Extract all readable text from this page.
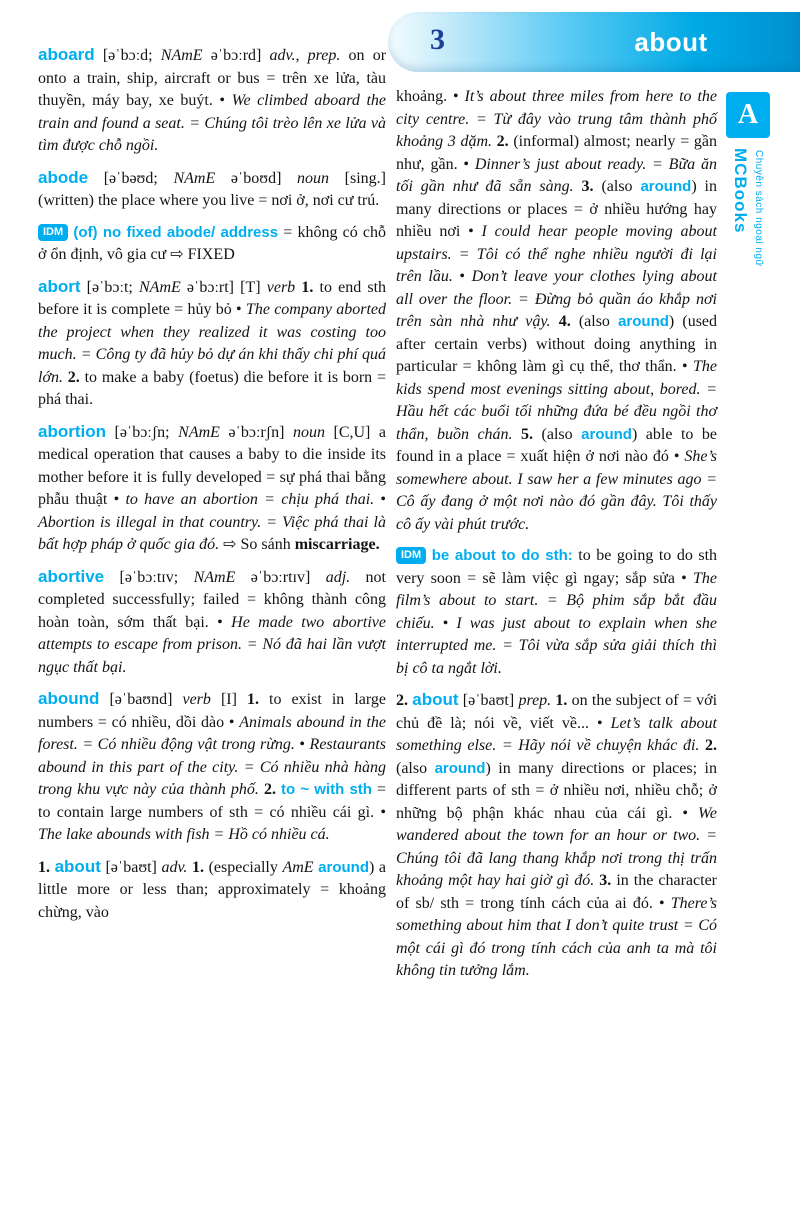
3	about
A
MCBooks Chuyên sách ngoại ngữ

aboard [əˈbɔːd; NAmE əˈbɔːrd] adv., prep. on or onto a train, ship, aircraft or bus = trên xe lửa, tàu thuyền, máy bay, xe buýt. • We climbed aboard the train and found a seat. = Chúng tôi trèo lên xe lửa và tìm được chỗ ngồi.

abode [əˈbəʊd; NAmE əˈboʊd] noun [sing.] (written) the place where you live = nơi ở, nơi cư trú.

IDM (of) no fixed abode/ address = không có chỗ ở ổn định, vô gia cư ⇨ FIXED

abort [əˈbɔːt; NAmE əˈbɔːrt] [T] verb 1. to end sth before it is complete = hủy bỏ • The company aborted the project when they realized it was costing too much. = Công ty đã hủy bỏ dự án khi thấy chi phí quá lớn. 2. to make a baby (foetus) die before it is born = phá thai.

abortion [əˈbɔːʃn; NAmE əˈbɔːrʃn] noun [C,U] a medical operation that causes a baby to die inside its mother before it is fully developed = sự phá thai bằng phẫu thuật • to have an abortion = chịu phá thai. • Abortion is illegal in that country. = Việc phá thai là bất hợp pháp ở quốc gia đó. ⇨ So sánh miscarriage.

abortive [əˈbɔːtɪv; NAmE əˈbɔːrtɪv] adj. not completed successfully; failed = không thành công hoàn toàn, sớm thất bại. • He made two abortive attempts to escape from prison. = Nó đã hai lần vượt ngục thất bại.

abound [əˈbaʊnd] verb [I] 1. to exist in large numbers = có nhiều, dồi dào • Animals abound in the forest. = Có nhiều động vật trong rừng. • Restaurants abound in this part of the city. = Có nhiều nhà hàng trong khu vực này của thành phố. 2. to ~ with sth = to contain large numbers of sth = có nhiều cái gì. • The lake abounds with fish = Hồ có nhiều cá.

1. about [əˈbaʊt] adv. 1. (especially AmE around) a little more or less than; approximately = khoảng chừng, vào

khoảng. • It’s about three miles from here to the city centre. = Từ đây vào trung tâm thành phố khoảng 3 dặm. 2. (informal) almost; nearly = gần như, gần. • Dinner’s just about ready. = Bữa ăn tối gần như đã sẵn sàng. 3. (also around) in many directions or places = ở nhiều hướng hay nhiều nơi • I could hear people moving about upstairs. = Tôi có thể nghe nhiều người đi lại trên lầu. • Don’t leave your clothes lying about all over the floor. = Đừng bỏ quần áo khắp nơi trên sàn nhà như vậy. 4. (also around) (used after certain verbs) without doing anything in particular = không làm gì cụ thể, thơ thẩn. • The kids spend most evenings sitting about, bored. = Hầu hết các buổi tối những đứa bé đều ngồi thơ thẩn, buồn chán. 5. (also around) able to be found in a place = xuất hiện ở nơi nào đó • She’s somewhere about. I saw her a few minutes ago = Cô ấy đang ở một nơi nào đó gần đây. Tôi thấy cô ấy vài phút trước.

IDM be about to do sth: to be going to do sth very soon = sẽ làm việc gì ngay; sắp sửa • The film’s about to start. = Bộ phim sắp bắt đầu chiếu. • I was just about to explain when she interrupted me. = Tôi vừa sắp sửa giải thích thì bị cô ta ngắt lời.

2. about [əˈbaʊt] prep. 1. on the subject of = với chủ đề là; nói về, viết về... • Let’s talk about something else. = Hãy nói về chuyện khác đi. 2. (also around) in many directions or places; in different parts of sth = ở nhiều nơi, nhiều chỗ; ở những bộ phận khác nhau của cái gì. • We wandered about the town for an hour or two. = Chúng tôi đã lang thang khắp nơi trong thị trấn khoảng một hay hai giờ gì đó. 3. in the character of sb/ sth = trong tính cách của ai đó. • There’s something about him that I don’t quite trust = Có một cái gì đó trong tính cách của anh ta mà tôi không tin tưởng lắm.
